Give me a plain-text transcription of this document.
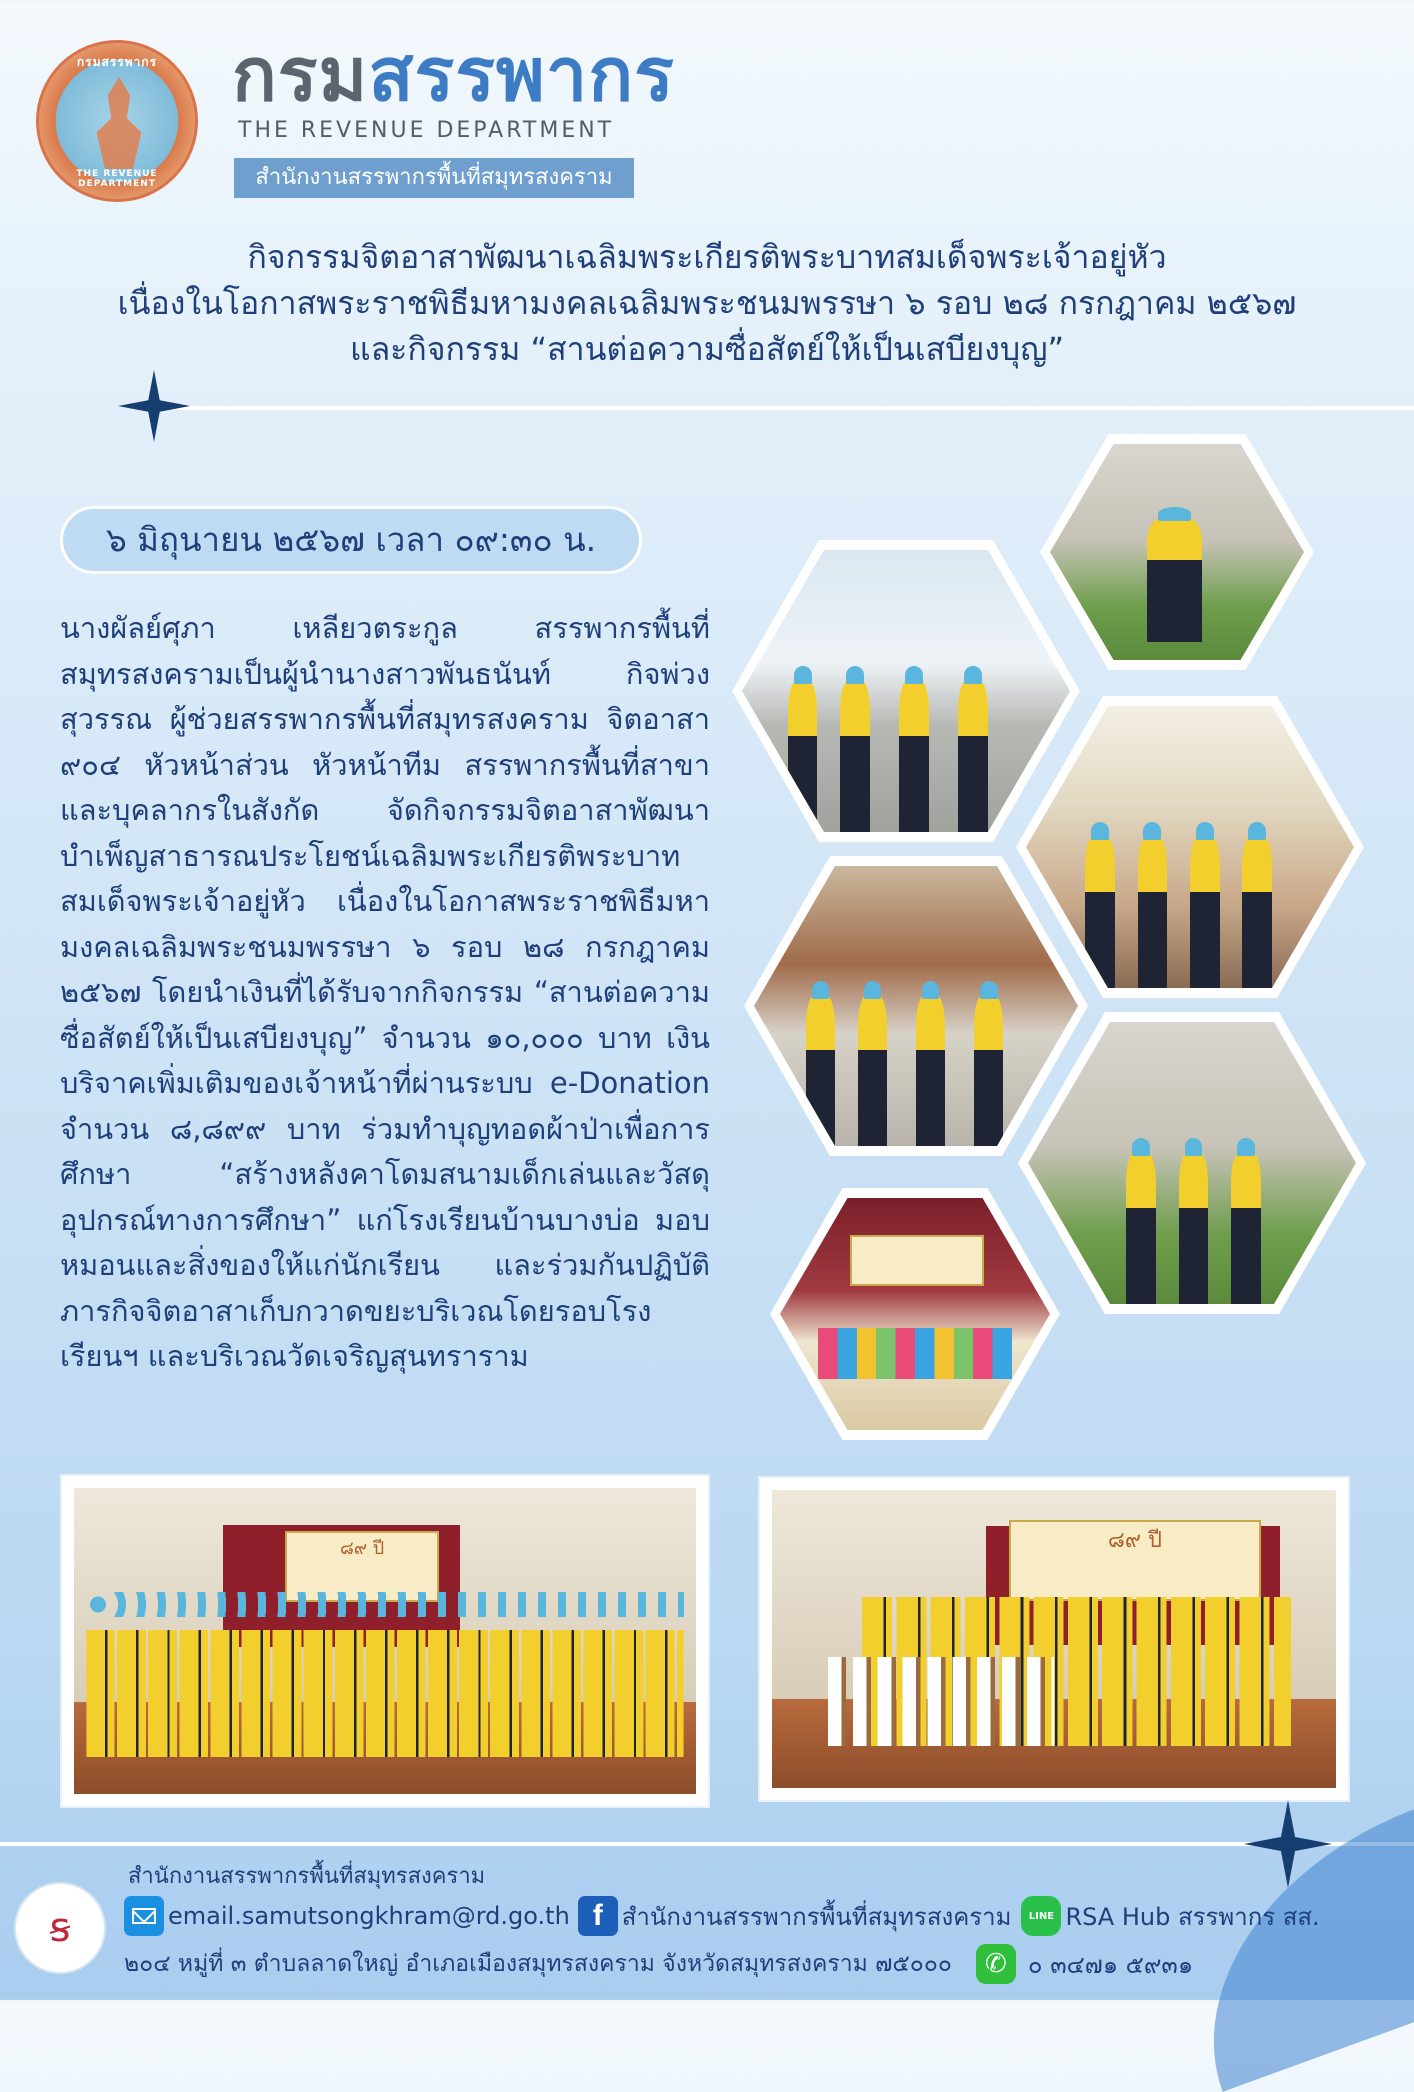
กรมสรรพากร
THE REVENUE DEPARTMENT
กรมสรรพากร
THE REVENUE DEPARTMENT
สำนักงานสรรพากรพื้นที่สมุทรสงคราม
กิจกรรมจิตอาสาพัฒนาเฉลิมพระเกียรติพระบาทสมเด็จพระเจ้าอยู่หัว
เนื่องในโอกาสพระราชพิธีมหามงคลเฉลิมพระชนมพรรษา ๖ รอบ ๒๘ กรกฎาคม ๒๕๖๗
และกิจกรรม “สานต่อความซื่อสัตย์ให้เป็นเสบียงบุญ”
๖ มิถุนายน ๒๕๖๗ เวลา ๐๙:๓๐ น.
นางผัลย์ศุภา เหลียวตระกูล สรรพากรพื้นที่สมุทรสงครามเป็นผู้นำนางสาวพันธนันท์ กิจพ่วงสุวรรณ ผู้ช่วยสรรพากรพื้นที่สมุทรสงคราม จิตอาสา ๙๐๔ หัวหน้าส่วน หัวหน้าทีม สรรพากรพื้นที่สาขา และบุคลากรในสังกัด จัดกิจกรรมจิตอาสาพัฒนา บำเพ็ญสาธารณประโยชน์เฉลิมพระเกียรติพระบาทสมเด็จพระเจ้าอยู่หัว เนื่องในโอกาสพระราชพิธีมหามงคลเฉลิมพระชนมพรรษา ๖ รอบ ๒๘ กรกฎาคม ๒๕๖๗ โดยนำเงินที่ได้รับจากกิจกรรม “สานต่อความซื่อสัตย์ให้เป็นเสบียงบุญ” จำนวน ๑๐,๐๐๐ บาท เงินบริจาคเพิ่มเติมของเจ้าหน้าที่ผ่านระบบ e-Donation จำนวน ๘,๘๙๙ บาท ร่วมทำบุญทอดผ้าป่าเพื่อการศึกษา “สร้างหลังคาโดมสนามเด็กเล่นและวัสดุอุปกรณ์ทางการศึกษา” แก่โรงเรียนบ้านบางบ่อ มอบหมอนและสิ่งของให้แก่นักเรียน และร่วมกันปฏิบัติภารกิจจิตอาสาเก็บกวาดขยะบริเวณโดยรอบโรงเรียนฯ และบริเวณวัดเจริญสุนทราราม
๘๙ ปี	๘๙ ปี
ꞩ
สำนักงานสรรพากรพื้นที่สมุทรสงคราม
email.samutsongkhram@rd.go.th f สำนักงานสรรพากรพื้นที่สมุทรสงคราม	LINE RSA Hub สรรพากร สส.
๒๐๔ หมู่ที่ ๓ ตำบลลาดใหญ่ อำเภอเมืองสมุทรสงคราม จังหวัดสมุทรสงคราม ๗๕๐๐๐	✆ ๐ ๓๔๗๑ ๕๙๓๑
